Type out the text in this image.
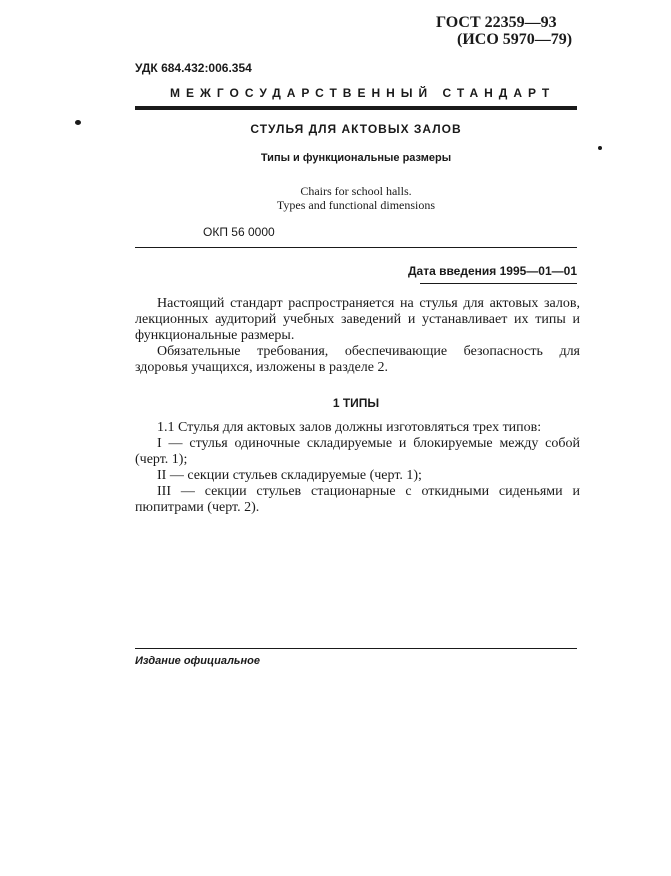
ГОСТ 22359—93
(ИСО 5970—79)
УДК 684.432:006.354
МЕЖГОСУДАРСТВЕННЫЙ СТАНДАРТ
СТУЛЬЯ ДЛЯ АКТОВЫХ ЗАЛОВ
Типы и функциональные размеры
Chairs for school halls.
Types and functional dimensions
ОКП 56 0000
Дата введения 1995—01—01

Настоящий стандарт распространяется на стулья для актовых залов, лекционных аудиторий учебных заведений и устанавливает их типы и функциональные размеры.

Обязательные требования, обеспечивающие безопасность для здоровья учащихся, изложены в разделе 2.

1 ТИПЫ

1.1 Стулья для актовых залов должны изготовляться трех типов:

I — стулья одиночные складируемые и блокируемые между собой (черт. 1);

II — секции стульев складируемые (черт. 1);

III — секции стульев стационарные с откидными сиденьями и пюпитрами (черт. 2).

Издание официальное
